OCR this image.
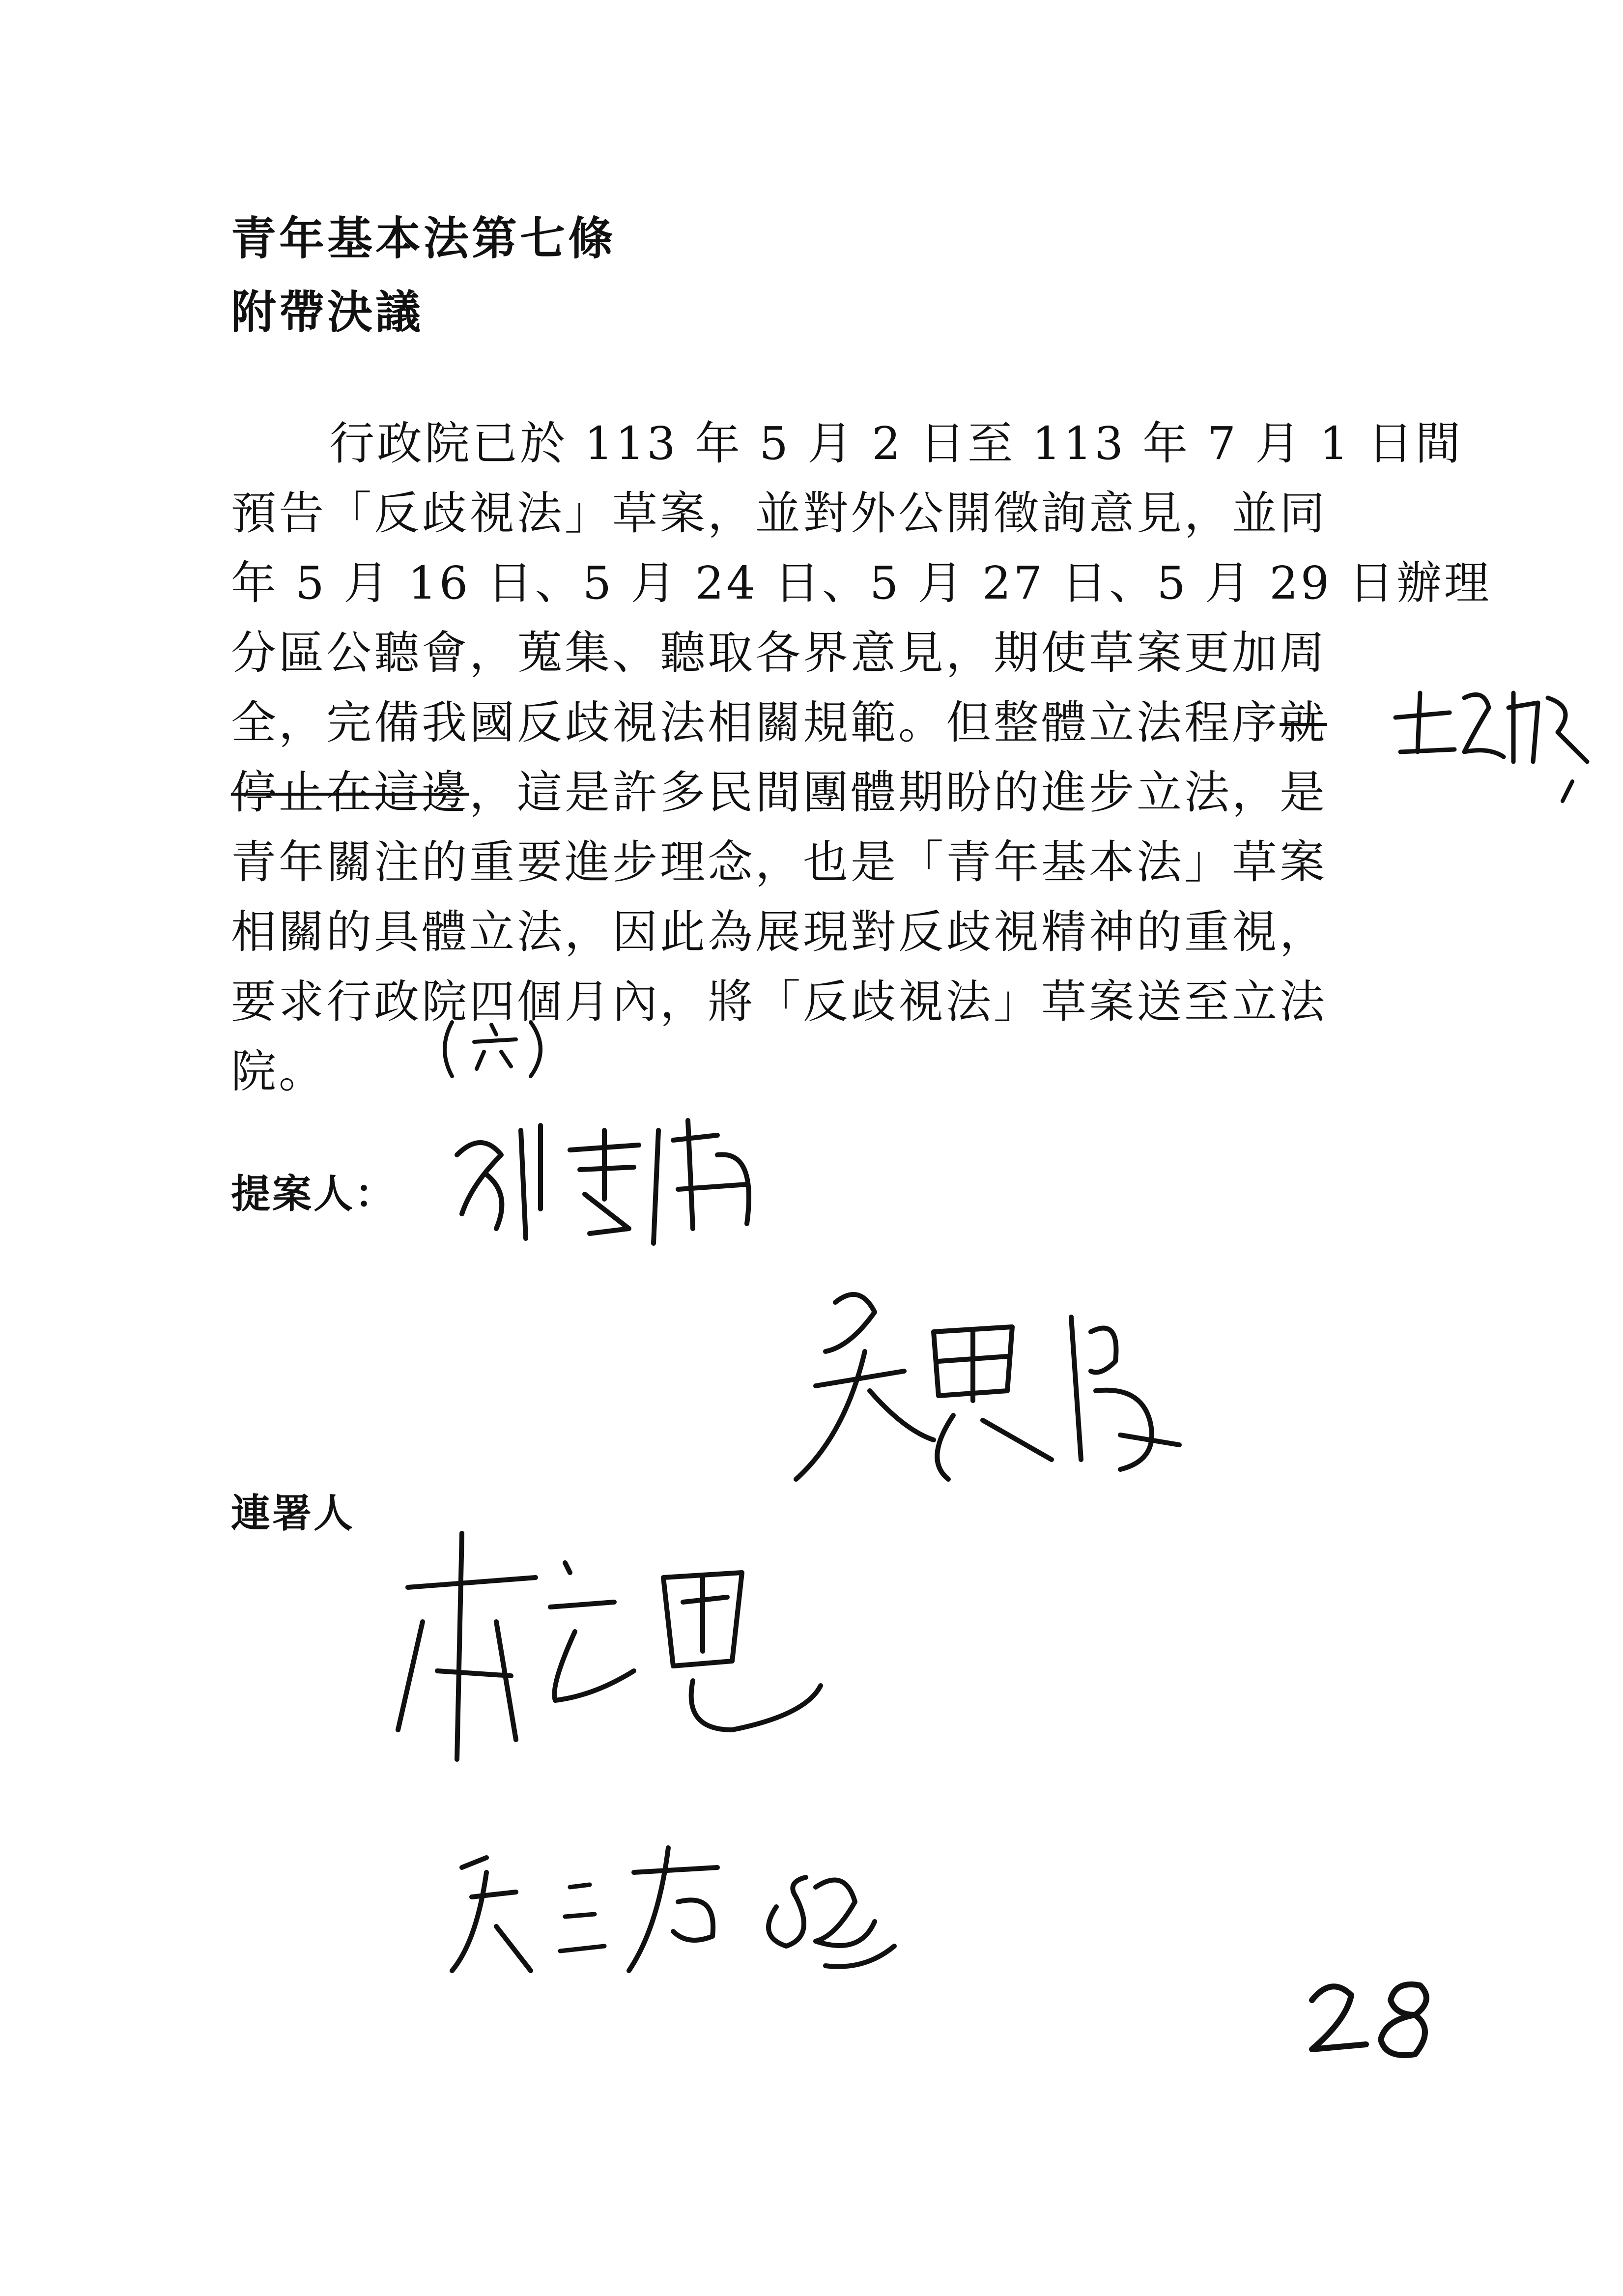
青年基本法第七條
附帶決議
行政院已於 113 年 5 月 2 日至 113 年 7 月 1 日間
預告「反歧視法」草案，並對外公開徵詢意見，並同
年 5 月 16 日、5 月 24 日、5 月 27 日、5 月 29 日辦理
分區公聽會，蒐集、聽取各界意見，期使草案更加周
全，完備我國反歧視法相關規範。但整體立法程序就
停止在這邊，這是許多民間團體期盼的進步立法，是
青年關注的重要進步理念，也是「青年基本法」草案
相關的具體立法，因此為展現對反歧視精神的重視，
要求行政院四個月內，將「反歧視法」草案送至立法
院。
提案人：
連署人
